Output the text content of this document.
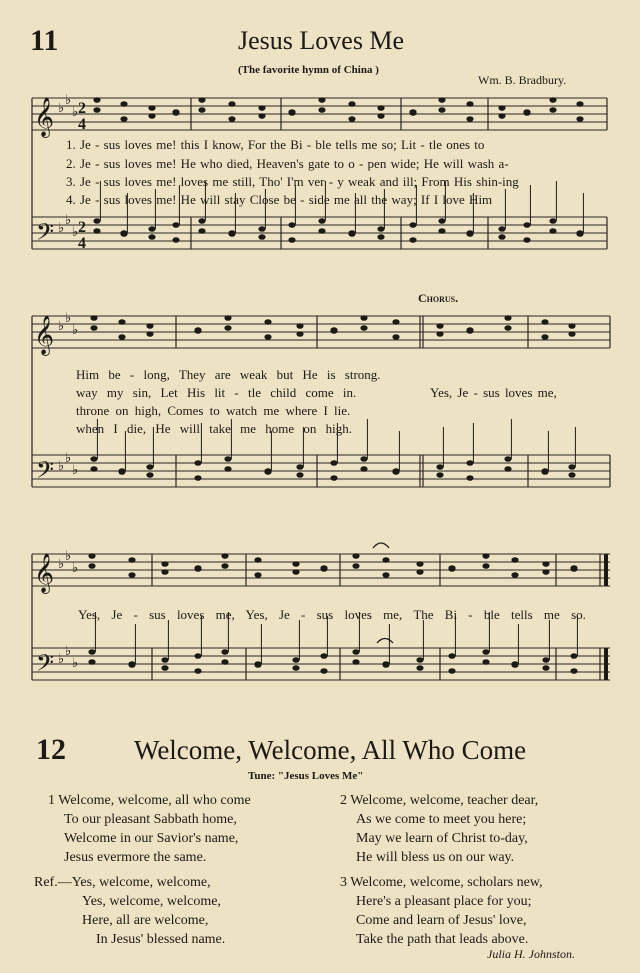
11	Jesus Loves Me
(The favorite hymn of China )
Wm. B. Bradbury.
𝄞
𝄢
♭
♭
♭
♭
♭
♭
2
4
2
4
1. Je - sus loves me! this I know, For the Bi - ble tells me so; Lit - tle ones to
2. Je - sus loves me! He who died, Heaven's gate to o - pen wide; He will wash a-
3. Je - sus loves me! loves me still, Tho' I'm ver - y weak and ill; From His shin-ing
4. Je - sus loves me! He will stay Close be - side me all the way; If I love Him
Chorus.
𝄞
𝄢
♭
♭
♭
♭
♭
♭
Him be - long, They are weak but He is strong.
Yes, Je - sus loves me,
way my sin, Let His lit - tle child come in.
throne on high, Comes to watch me where I lie.
when I die, He will take me home on high.
𝄞
𝄢
♭
♭
♭
♭
♭
♭
Yes, Je - sus loves me, Yes, Je - sus loves me, The Bi - ble tells me so.
12	Welcome, Welcome, All Who Come
Tune: "Jesus Loves Me"
1 Welcome, welcome, all who come
To our pleasant Sabbath home,
Welcome in our Savior's name,
Jesus evermore the same.
Ref.—Yes, welcome, welcome,
Yes, welcome, welcome,
Here, all are welcome,
In Jesus' blessed name.
2 Welcome, welcome, teacher dear,
As we come to meet you here;
May we learn of Christ to-day,
He will bless us on our way.
3 Welcome, welcome, scholars new,
Here's a pleasant place for you;
Come and learn of Jesus' love,
Take the path that leads above.
Julia H. Johnston.
